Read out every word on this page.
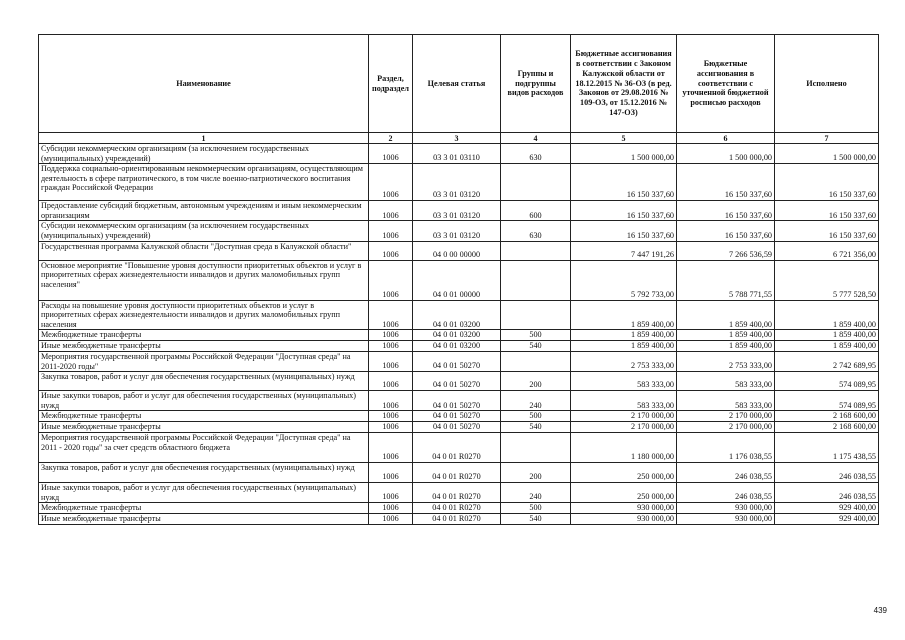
Наименование	Раздел, подраздел	Целевая статья	Группы и подгруппы видов расходов	Бюджетные ассигнования в соответствии с Законом Калужской области от 18.12.2015 № 36-ОЗ (в ред. Законов от 29.08.2016 № 109-ОЗ, от 15.12.2016 № 147-ОЗ)	Бюджетные ассигнования в соответствии с уточненной бюджетной росписью расходов	Исполнено
1	2	3	4	5	6	7
Субсидии некоммерческим организациям (за исключением государственных (муниципальных) учреждений)	1006	03 3 01 03110	630	1 500 000,00	1 500 000,00	1 500 000,00
Поддержка социально-ориентированным некоммерческим организациям, осуществляющим деятельность в сфере патриотического, в том числе военно-патриотического воспитания граждан Российской Федерации	1006	03 3 01 03120		16 150 337,60	16 150 337,60	16 150 337,60
Предоставление субсидий бюджетным, автономным учреждениям и иным некоммерческим организациям	1006	03 3 01 03120	600	16 150 337,60	16 150 337,60	16 150 337,60
Субсидии некоммерческим организациям (за исключением государственных (муниципальных) учреждений)	1006	03 3 01 03120	630	16 150 337,60	16 150 337,60	16 150 337,60
Государственная программа Калужской области "Доступная среда в Калужской области"	1006	04 0 00 00000		7 447 191,26	7 266 536,59	6 721 356,00
Основное мероприятие "Повышение уровня доступности приоритетных объектов и услуг в приоритетных сферах жизнедеятельности инвалидов и других маломобильных групп населения"	1006	04 0 01 00000		5 792 733,00	5 788 771,55	5 777 528,50
Расходы на повышение уровня доступности приоритетных объектов и услуг в приоритетных сферах жизнедеятельности инвалидов и других маломобильных групп населения	1006	04 0 01 03200		1 859 400,00	1 859 400,00	1 859 400,00
Межбюджетные трансферты	1006	04 0 01 03200	500	1 859 400,00	1 859 400,00	1 859 400,00
Иные межбюджетные трансферты	1006	04 0 01 03200	540	1 859 400,00	1 859 400,00	1 859 400,00
Мероприятия государственной программы Российской Федерации "Доступная среда" на 2011-2020 годы"	1006	04 0 01 50270		2 753 333,00	2 753 333,00	2 742 689,95
Закупка товаров, работ и услуг для обеспечения государственных (муниципальных) нужд	1006	04 0 01 50270	200	583 333,00	583 333,00	574 089,95
Иные закупки товаров, работ и услуг для обеспечения государственных (муниципальных) нужд	1006	04 0 01 50270	240	583 333,00	583 333,00	574 089,95
Межбюджетные трансферты	1006	04 0 01 50270	500	2 170 000,00	2 170 000,00	2 168 600,00
Иные межбюджетные трансферты	1006	04 0 01 50270	540	2 170 000,00	2 170 000,00	2 168 600,00
Мероприятия государственной программы Российской Федерации "Доступная среда" на 2011 - 2020 годы" за счет средств областного бюджета	1006	04 0 01 R0270		1 180 000,00	1 176 038,55	1 175 438,55
Закупка товаров, работ и услуг для обеспечения государственных (муниципальных) нужд	1006	04 0 01 R0270	200	250 000,00	246 038,55	246 038,55
Иные закупки товаров, работ и услуг для обеспечения государственных (муниципальных) нужд	1006	04 0 01 R0270	240	250 000,00	246 038,55	246 038,55
Межбюджетные трансферты	1006	04 0 01 R0270	500	930 000,00	930 000,00	929 400,00
Иные межбюджетные трансферты	1006	04 0 01 R0270	540	930 000,00	930 000,00	929 400,00
439
